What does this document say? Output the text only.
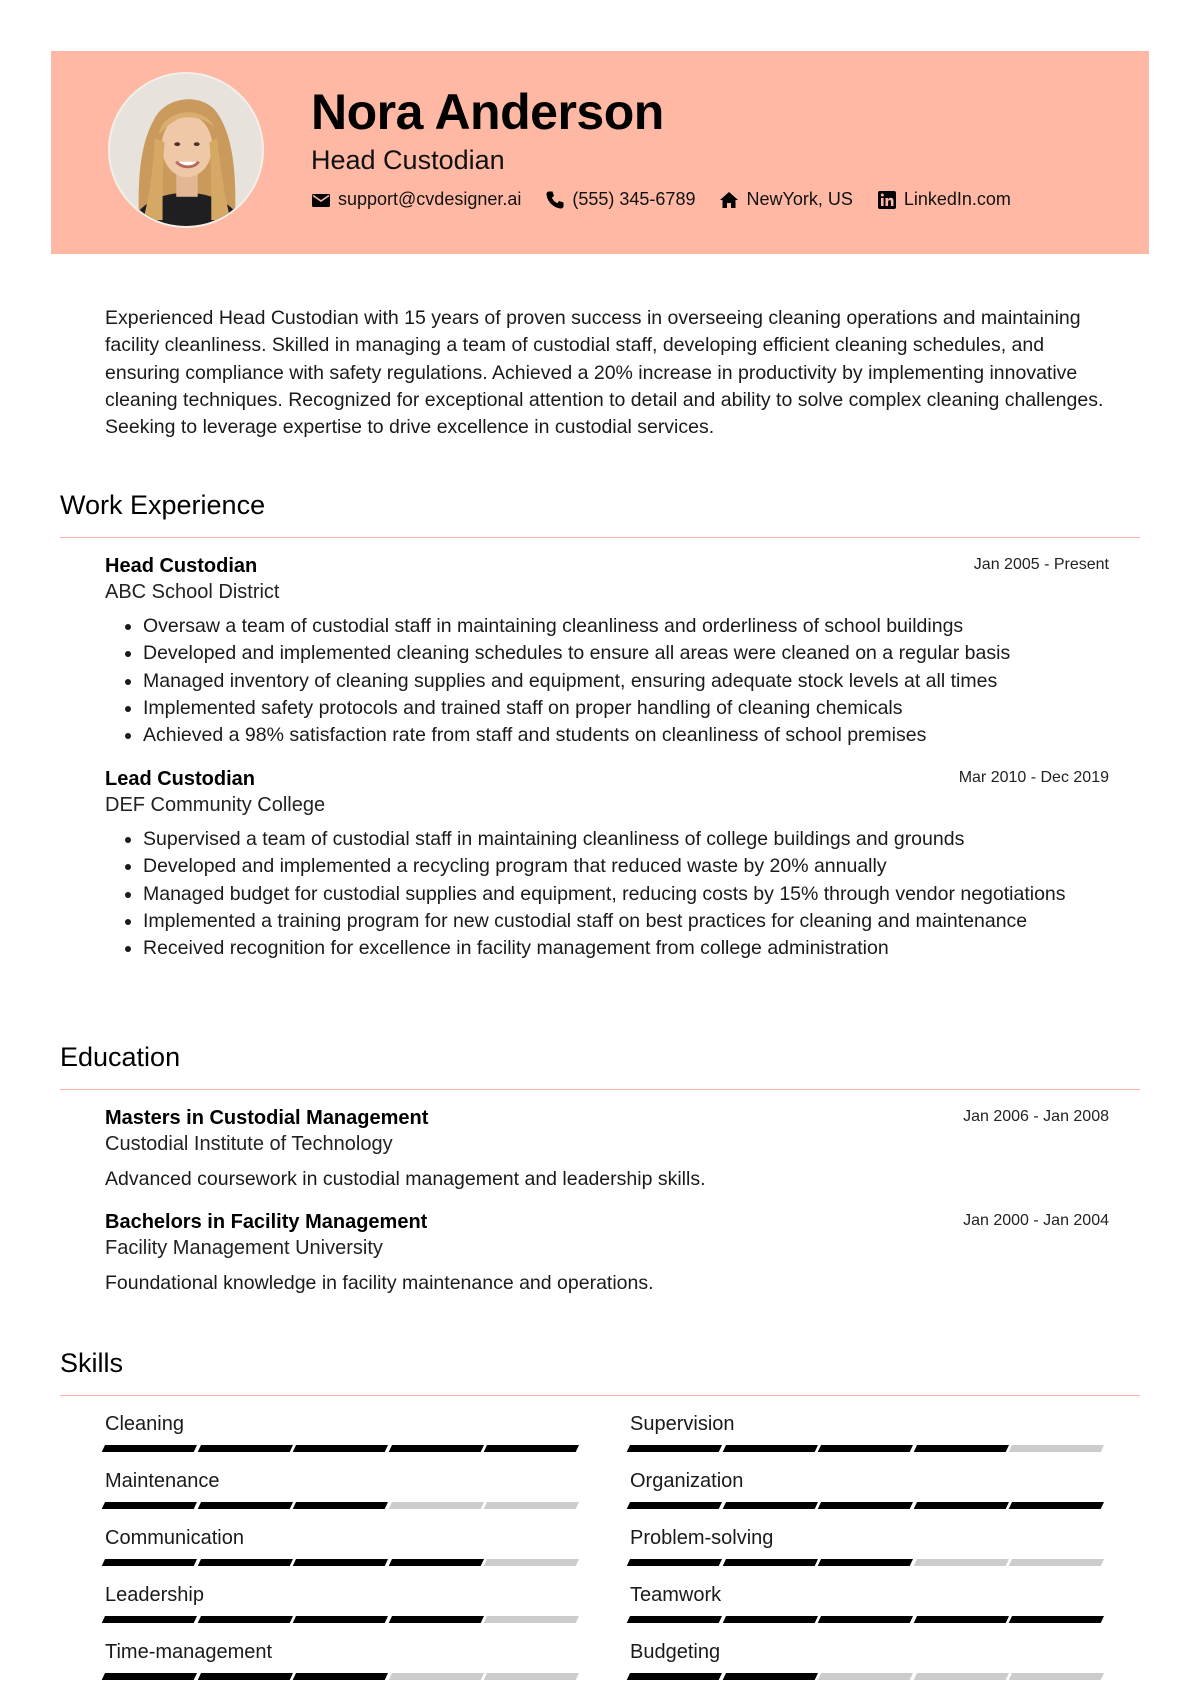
Nora Anderson
Head Custodian
support@cvdesigner.ai	(555) 345-6789	NewYork, US	LinkedIn.com
Experienced Head Custodian with 15 years of proven success in overseeing cleaning operations and maintaining facility cleanliness. Skilled in managing a team of custodial staff, developing efficient cleaning schedules, and ensuring compliance with safety regulations. Achieved a 20% increase in productivity by implementing innovative cleaning techniques. Recognized for exceptional attention to detail and ability to solve complex cleaning challenges. Seeking to leverage expertise to drive excellence in custodial services.
Work Experience
Head Custodian	Jan 2005 - Present
ABC School District
• Oversaw a team of custodial staff in maintaining cleanliness and orderliness of school buildings
• Developed and implemented cleaning schedules to ensure all areas were cleaned on a regular basis
• Managed inventory of cleaning supplies and equipment, ensuring adequate stock levels at all times
• Implemented safety protocols and trained staff on proper handling of cleaning chemicals
• Achieved a 98% satisfaction rate from staff and students on cleanliness of school premises
Lead Custodian	Mar 2010 - Dec 2019
DEF Community College
• Supervised a team of custodial staff in maintaining cleanliness of college buildings and grounds
• Developed and implemented a recycling program that reduced waste by 20% annually
• Managed budget for custodial supplies and equipment, reducing costs by 15% through vendor negotiations
• Implemented a training program for new custodial staff on best practices for cleaning and maintenance
• Received recognition for excellence in facility management from college administration
Education
Masters in Custodial Management	Jan 2006 - Jan 2008
Custodial Institute of Technology
Advanced coursework in custodial management and leadership skills.
Bachelors in Facility Management	Jan 2000 - Jan 2004
Facility Management University
Foundational knowledge in facility maintenance and operations.
Skills
Cleaning	Supervision
Maintenance	Organization
Communication	Problem-solving
Leadership	Teamwork
Time-management	Budgeting
